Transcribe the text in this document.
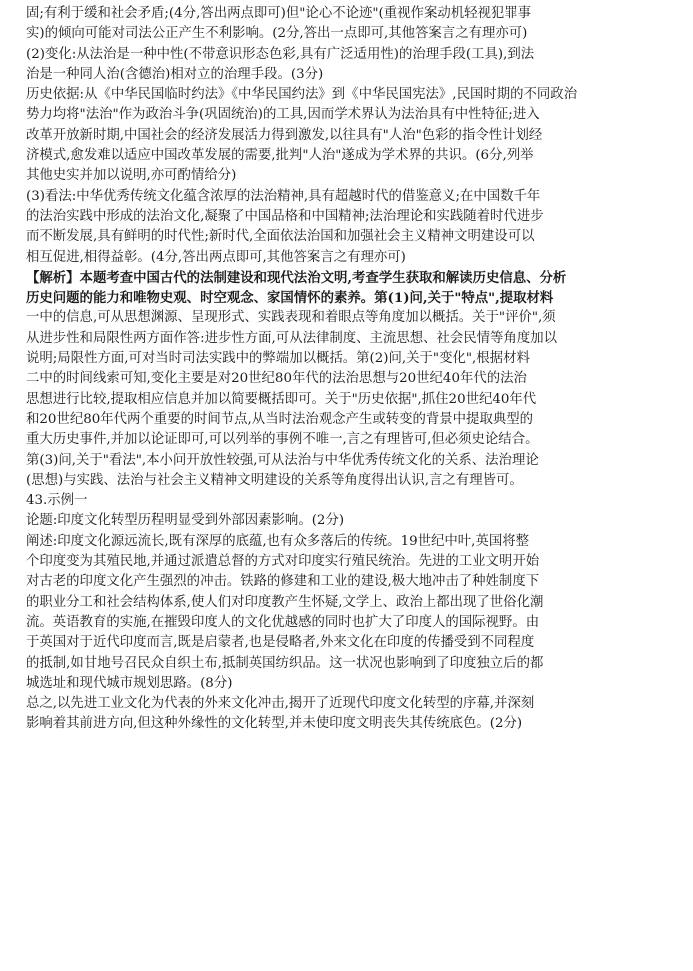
固;有利于缓和社会矛盾;(4分,答出两点即可)但"论心不论迹"(重视作案动机轻视犯罪事
实)的倾向可能对司法公正产生不利影响。(2分,答出一点即可,其他答案言之有理亦可)
(2)变化:从法治是一种中性(不带意识形态色彩,具有广泛适用性)的治理手段(工具),到法
治是一种同人治(含德治)相对立的治理手段。(3分)
历史依据:从《中华民国临时约法》《中华民国约法》到《中华民国宪法》,民国时期的不同政治
势力均将"法治"作为政治斗争(巩固统治)的工具,因而学术界认为法治具有中性特征;进入
改革开放新时期,中国社会的经济发展活力得到激发,以往具有"人治"色彩的指令性计划经
济模式,愈发难以适应中国改革发展的需要,批判"人治"遂成为学术界的共识。(6分,列举
其他史实并加以说明,亦可酌情给分)
(3)看法:中华优秀传统文化蕴含浓厚的法治精神,具有超越时代的借鉴意义;在中国数千年
的法治实践中形成的法治文化,凝聚了中国品格和中国精神;法治理论和实践随着时代进步
而不断发展,具有鲜明的时代性;新时代,全面依法治国和加强社会主义精神文明建设可以
相互促进,相得益彰。(4分,答出两点即可,其他答案言之有理亦可)
【解析】本题考查中国古代的法制建设和现代法治文明,考查学生获取和解读历史信息、分析
历史问题的能力和唯物史观、时空观念、家国情怀的素养。第(1)问,关于"特点",提取材料
一中的信息,可从思想渊源、呈现形式、实践表现和着眼点等角度加以概括。关于"评价",须
从进步性和局限性两方面作答:进步性方面,可从法律制度、主流思想、社会民情等角度加以
说明;局限性方面,可对当时司法实践中的弊端加以概括。第(2)问,关于"变化",根据材料
二中的时间线索可知,变化主要是对20世纪80年代的法治思想与20世纪40年代的法治
思想进行比较,提取相应信息并加以简要概括即可。关于"历史依据",抓住20世纪40年代
和20世纪80年代两个重要的时间节点,从当时法治观念产生或转变的背景中提取典型的
重大历史事件,并加以论证即可,可以列举的事例不唯一,言之有理皆可,但必须史论结合。
第(3)问,关于"看法",本小问开放性较强,可从法治与中华优秀传统文化的关系、法治理论
(思想)与实践、法治与社会主义精神文明建设的关系等角度得出认识,言之有理皆可。
43.示例一
论题:印度文化转型历程明显受到外部因素影响。(2分)
阐述:印度文化源远流长,既有深厚的底蕴,也有众多落后的传统。19世纪中叶,英国将整
个印度变为其殖民地,并通过派遣总督的方式对印度实行殖民统治。先进的工业文明开始
对古老的印度文化产生强烈的冲击。铁路的修建和工业的建设,极大地冲击了种姓制度下
的职业分工和社会结构体系,使人们对印度教产生怀疑,文学上、政治上都出现了世俗化潮
流。英语教育的实施,在摧毁印度人的文化优越感的同时也扩大了印度人的国际视野。由
于英国对于近代印度而言,既是启蒙者,也是侵略者,外来文化在印度的传播受到不同程度
的抵制,如甘地号召民众自织土布,抵制英国纺织品。这一状况也影响到了印度独立后的都
城选址和现代城市规划思路。(8分)
总之,以先进工业文化为代表的外来文化冲击,揭开了近现代印度文化转型的序幕,并深刻
影响着其前进方向,但这种外缘性的文化转型,并未使印度文明丧失其传统底色。(2分)
